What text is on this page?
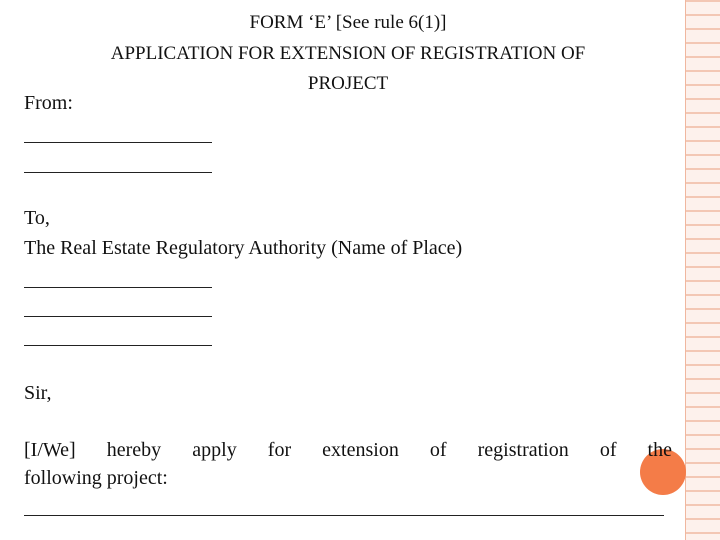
FORM ‘E’ [See rule 6(1)]
APPLICATION FOR EXTENSION OF REGISTRATION OF
PROJECT
From:
To,
The Real Estate Regulatory Authority (Name of Place)
Sir,
[I/We] hereby apply for extension of registration of the
following project:
